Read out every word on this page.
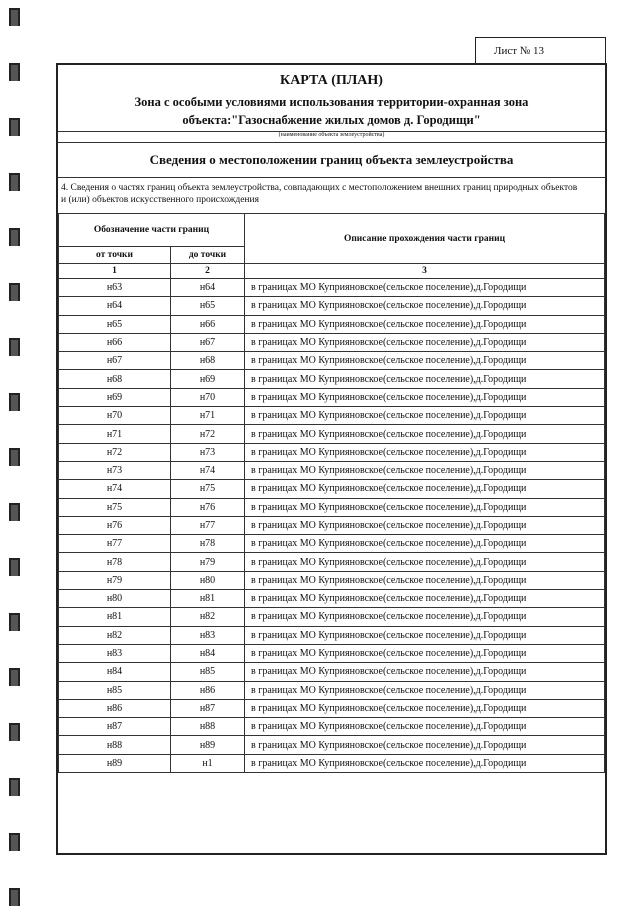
Лист № 13
КАРТА (ПЛАН)
Зона с особыми условиями использования территории-охранная зона
объекта:"Газоснабжение жилых домов д. Городищи"
(наименование объекта землеустройства)
Сведения о местоположении границ объекта землеустройства
4. Сведения о частях границ объекта землеустройства, совпадающих с местоположением внешних границ природных объектов и (или) объектов искусственного происхождения
Обозначение части границ		Описание прохождения части границ
от точки	до точки	
1	2	3
н63	н64	в границах МО Куприяновское(сельское поселение),д.Городищи
н64	н65	в границах МО Куприяновское(сельское поселение),д.Городищи
н65	н66	в границах МО Куприяновское(сельское поселение),д.Городищи
н66	н67	в границах МО Куприяновское(сельское поселение),д.Городищи
н67	н68	в границах МО Куприяновское(сельское поселение),д.Городищи
н68	н69	в границах МО Куприяновское(сельское поселение),д.Городищи
н69	н70	в границах МО Куприяновское(сельское поселение),д.Городищи
н70	н71	в границах МО Куприяновское(сельское поселение),д.Городищи
н71	н72	в границах МО Куприяновское(сельское поселение),д.Городищи
н72	н73	в границах МО Куприяновское(сельское поселение),д.Городищи
н73	н74	в границах МО Куприяновское(сельское поселение),д.Городищи
н74	н75	в границах МО Куприяновское(сельское поселение),д.Городищи
н75	н76	в границах МО Куприяновское(сельское поселение),д.Городищи
н76	н77	в границах МО Куприяновское(сельское поселение),д.Городищи
н77	н78	в границах МО Куприяновское(сельское поселение),д.Городищи
н78	н79	в границах МО Куприяновское(сельское поселение),д.Городищи
н79	н80	в границах МО Куприяновское(сельское поселение),д.Городищи
н80	н81	в границах МО Куприяновское(сельское поселение),д.Городищи
н81	н82	в границах МО Куприяновское(сельское поселение),д.Городищи
н82	н83	в границах МО Куприяновское(сельское поселение),д.Городищи
н83	н84	в границах МО Куприяновское(сельское поселение),д.Городищи
н84	н85	в границах МО Куприяновское(сельское поселение),д.Городищи
н85	н86	в границах МО Куприяновское(сельское поселение),д.Городищи
н86	н87	в границах МО Куприяновское(сельское поселение),д.Городищи
н87	н88	в границах МО Куприяновское(сельское поселение),д.Городищи
н88	н89	в границах МО Куприяновское(сельское поселение),д.Городищи
н89	н1	в границах МО Куприяновское(сельское поселение),д.Городищи
